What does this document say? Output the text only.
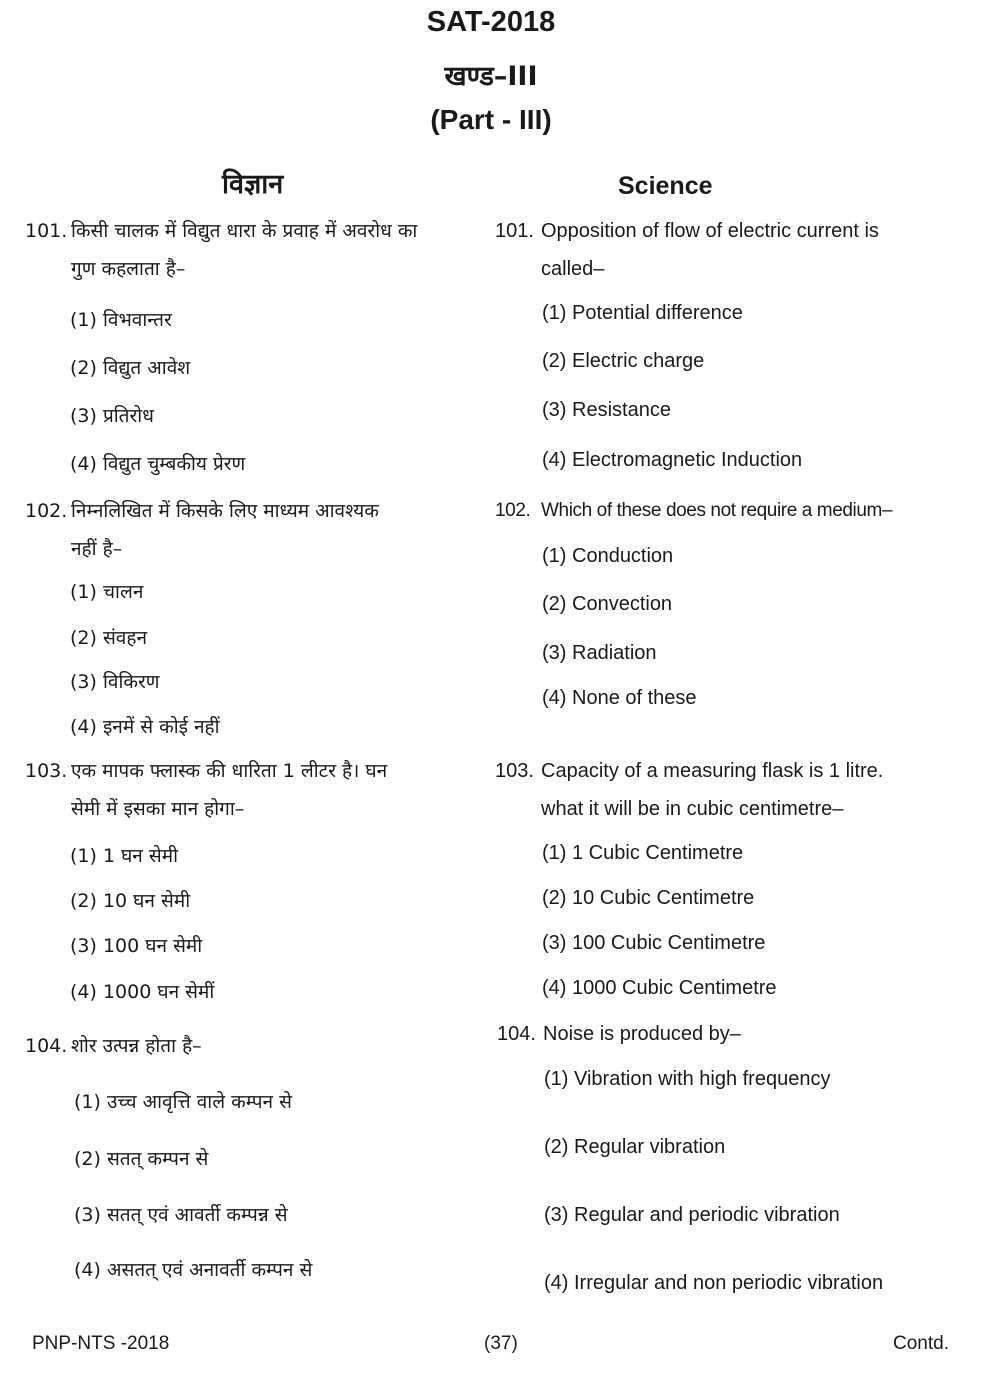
SAT-2018
खण्ड–III
(Part - III)
विज्ञान	Science
101. किसी चालक में विद्युत धारा के प्रवाह में अवरोध का
गुण कहलाता है–
101. Opposition of flow of electric current is
called–
(1) विभवान्तर
(2) विद्युत आवेश
(3) प्रतिरोध
(4) विद्युत चुम्बकीय प्रेरण
(1) Potential difference
(2) Electric charge
(3) Resistance
(4) Electromagnetic Induction
102. निम्नलिखित में किसके लिए माध्यम आवश्यक
नहीं है–
102. Which of these does not require a medium–
(1) चालन
(2) संवहन
(3) विकिरण
(4) इनमें से कोई नहीं
(1) Conduction
(2) Convection
(3) Radiation
(4) None of these
103. एक मापक फ्लास्क की धारिता 1 लीटर है। घन
सेमी में इसका मान होगा–
103. Capacity of a measuring flask is 1 litre.
what it will be in cubic centimetre–
(1) 1 घन सेमी
(2) 10 घन सेमी
(3) 100 घन सेमी
(4) 1000 घन सेमीं
(1) 1 Cubic Centimetre
(2) 10 Cubic Centimetre
(3) 100 Cubic Centimetre
(4) 1000 Cubic Centimetre
104. शोर उत्पन्न होता है–
104. Noise is produced by–
(1) उच्च आवृत्ति वाले कम्पन से
(2) सतत् कम्पन से
(3) सतत् एवं आवर्ती कम्पन्न से
(4) असतत् एवं अनावर्ती कम्पन से
(1) Vibration with high frequency
(2) Regular vibration
(3) Regular and periodic vibration
(4) Irregular and non periodic vibration
PNP-NTS -2018	(37)	Contd.
